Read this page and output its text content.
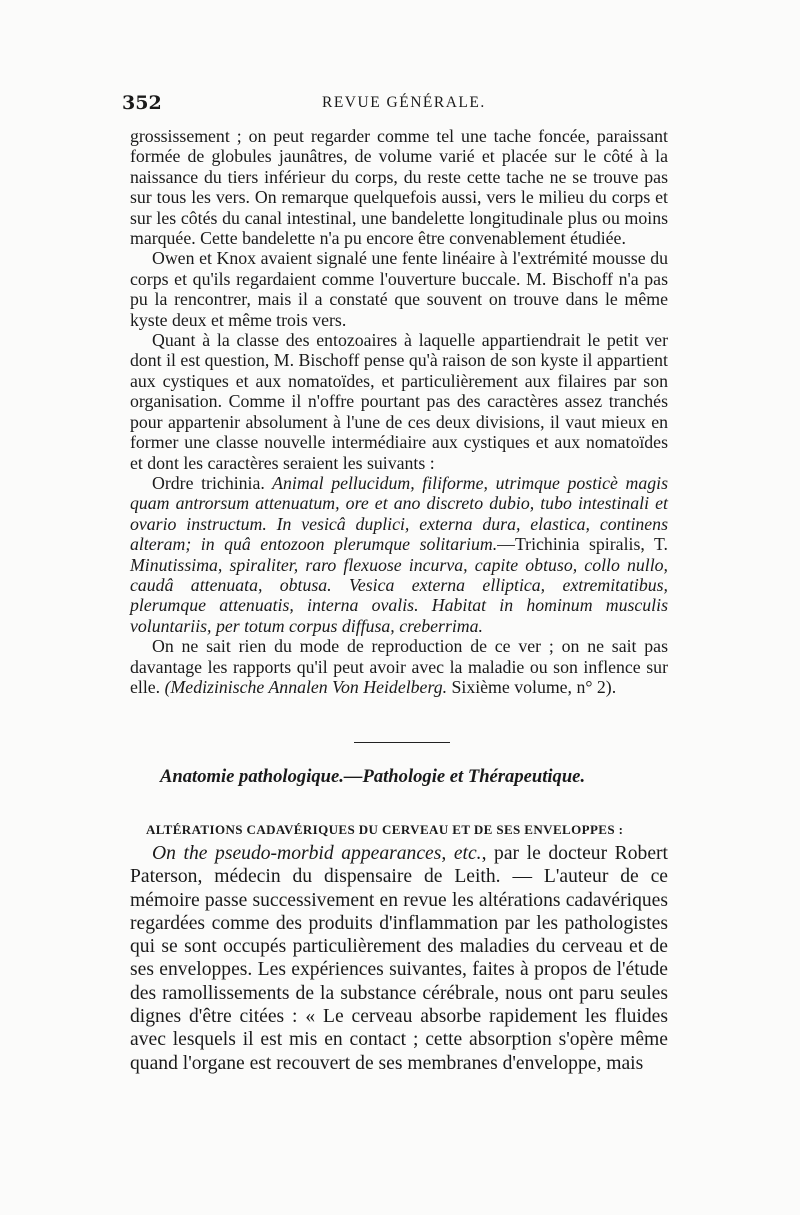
352	REVUE GÉNÉRALE.

grossissement ; on peut regarder comme tel une tache foncée, paraissant formée de globules jaunâtres, de volume varié et placée sur le côté à la naissance du tiers inférieur du corps, du reste cette tache ne se trouve pas sur tous les vers. On remarque quelquefois aussi, vers le milieu du corps et sur les côtés du canal intestinal, une bandelette longitudinale plus ou moins marquée. Cette bandelette n'a pu encore être convenablement étudiée.

Owen et Knox avaient signalé une fente linéaire à l'extrémité mousse du corps et qu'ils regardaient comme l'ouverture buccale. M. Bischoff n'a pas pu la rencontrer, mais il a constaté que souvent on trouve dans le même kyste deux et même trois vers.

Quant à la classe des entozoaires à laquelle appartiendrait le petit ver dont il est question, M. Bischoff pense qu'à raison de son kyste il appartient aux cystiques et aux nomatoïdes, et particulièrement aux filaires par son organisation. Comme il n'offre pourtant pas des caractères assez tranchés pour appartenir absolument à l'une de ces deux divisions, il vaut mieux en former une classe nouvelle intermédiaire aux cystiques et aux nomatoïdes et dont les caractères seraient les suivants :

Ordre trichinia. Animal pellucidum, filiforme, utrimque posticè magis quam antrorsum attenuatum, ore et ano discreto dubio, tubo intestinali et ovario instructum. In vesicâ duplici, externa dura, elastica, continens alteram; in quâ entozoon plerumque solitarium.—Trichinia spiralis, T. Minutissima, spiraliter, raro flexuose incurva, capite obtuso, collo nullo, caudâ attenuata, obtusa. Vesica externa elliptica, extremitatibus, plerumque attenuatis, interna ovalis. Habitat in hominum musculis voluntariis, per totum corpus diffusa, creberrima.

On ne sait rien du mode de reproduction de ce ver ; on ne sait pas davantage les rapports qu'il peut avoir avec la maladie ou son inflence sur elle. (Medizinische Annalen Von Heidelberg. Sixième volume, n° 2).

Anatomie pathologique.—Pathologie et Thérapeutique.
ALTÉRATIONS CADAVÉRIQUES DU CERVEAU ET DE SES ENVELOPPES :

On the pseudo-morbid appearances, etc., par le docteur Robert Paterson, médecin du dispensaire de Leith. — L'auteur de ce mémoire passe successivement en revue les altérations cadavériques regardées comme des produits d'inflammation par les pathologistes qui se sont occupés particulièrement des maladies du cerveau et de ses enveloppes. Les expériences suivantes, faites à propos de l'étude des ramollissements de la substance cérébrale, nous ont paru seules dignes d'être citées : « Le cerveau absorbe rapidement les fluides avec lesquels il est mis en contact ; cette absorption s'opère même quand l'organe est recouvert de ses membranes d'enveloppe, mais
